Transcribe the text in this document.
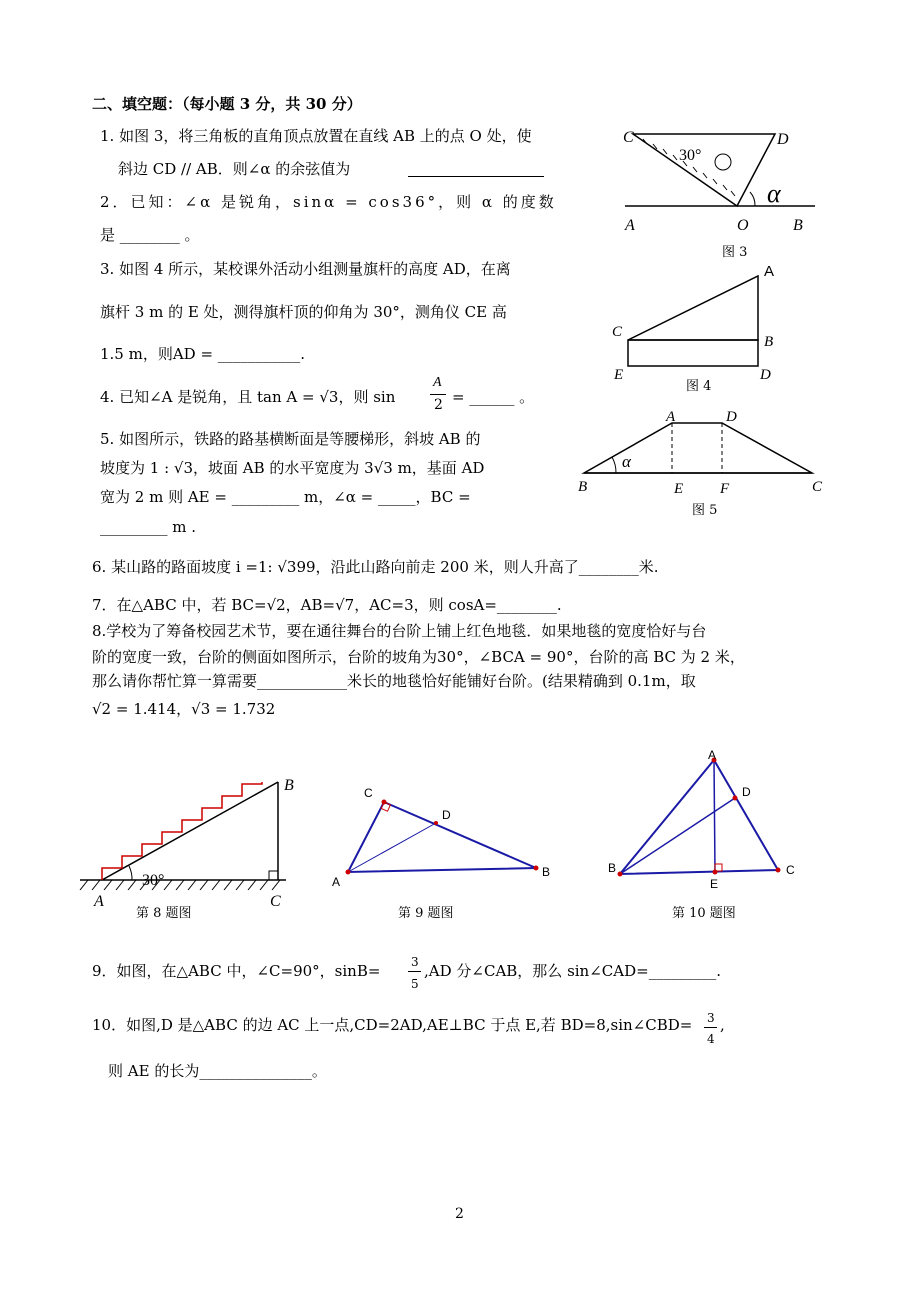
二、填空题：（每小题 3 分，共 30 分）
1. 如图 3，将三角板的直角顶点放置在直线 AB 上的点 O 处，使
斜边 CD // AB．则∠α 的余弦值为
2．已知：∠α 是锐角，sinα = cos36°，则 α 的度数
是 ________ 。
3. 如图 4 所示，某校课外活动小组测量旗杆的高度 AD，在离
旗杆 3 m 的 E 处，测得旗杆顶的仰角为 30°，测角仪 CE 高
1.5 m，则AD = ___________.
4. 已知∠A 是锐角，且 tan A = √3，则 sin
A
2 = ______ 。
5. 如图所示，铁路的路基横断面是等腰梯形，斜坡 AB 的
坡度为 1 : √3，坡面 AB 的水平宽度为 3√3 m，基面 AD
宽为 2 m 则 AE = _________ m，∠α = _____，BC =
_________ m .
6. 某山路的路面坡度 i =1: √399，沿此山路向前走 200 米，则人升高了________米.
7．在△ABC 中，若 BC=√2，AB=√7，AC=3，则 cosA=________.
8.学校为了筹备校园艺术节，要在通往舞台的台阶上铺上红色地毯．如果地毯的宽度恰好与台
阶的宽度一致，台阶的侧面如图所示，台阶的坡角为30°，∠BCA = 90°，台阶的高 BC 为 2 米，
那么请你帮忙算一算需要____________米长的地毯恰好能铺好台阶。(结果精确到 0.1m，取
√2 = 1.414，√3 = 1.732
C	D
30°
α
A	O	B
图 3
A
C
B
E	D
图 4
A	D
α
B	E F	C
图 5
B
30°
A	C
第 8 题图
C
D
A
B
第 9 题图
A
D
B
E
C
第 10 题图
9．如图，在△ABC 中，∠C=90°，sinB=	3
5
,AD 分∠CAB，那么 sin∠CAD=_________.
10．如图,D 是△ABC 的边 AC 上一点,CD=2AD,AE⊥BC 于点 E,若 BD=8,sin∠CBD= 3
4
,
则 AE 的长为_______________。
2
